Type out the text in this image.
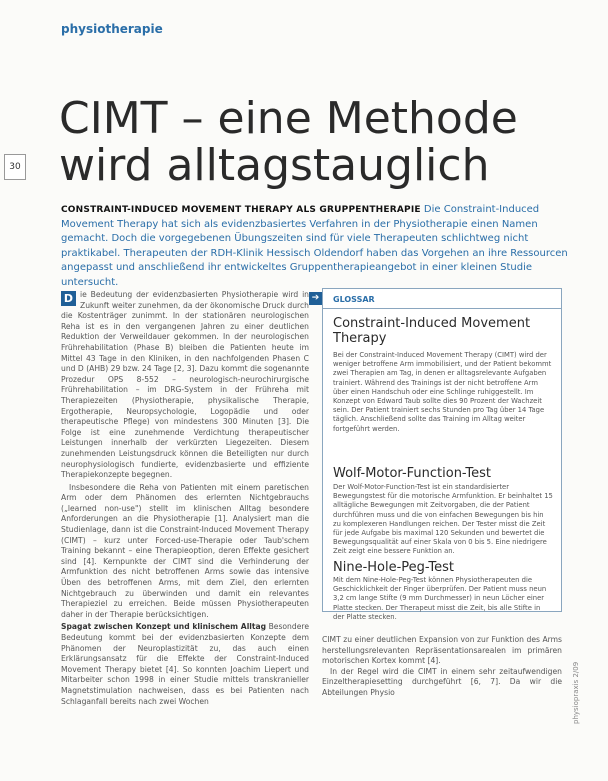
physiotherapie
30
CIMT – eine Methode wird alltagstauglich
CONSTRAINT-INDUCED MOVEMENT THERAPY ALS GRUPPENTHERAPIE Die Constraint-Induced Movement Therapy hat sich als evidenzbasiertes Verfahren in der Physiotherapie einen Namen gemacht. Doch die vorgegebenen Übungszeiten sind für viele Therapeuten schlichtweg nicht praktikabel. Therapeuten der RDH-Klinik Hessisch Oldendorf haben das Vorgehen an ihre Ressourcen angepasst und anschließend ihr entwickeltes Gruppentherapieangebot in einer kleinen Studie untersucht.

D ie Bedeutung der evidenzbasierten Physiotherapie wird in Zukunft weiter zunehmen, da der ökonomische Druck durch die Kostenträger zunimmt. In der stationären neurologischen Reha ist es in den vergangenen Jahren zu einer deutlichen Reduktion der Verweildauer gekommen. In der neurologischen Frührehabilitation (Phase B) bleiben die Patienten heute im Mittel 43 Tage in den Kliniken, in den nachfolgenden Phasen C und D (AHB) 29 bzw. 24 Tage [2, 3]. Dazu kommt die sogenannte Prozedur OPS 8-552 – neurologisch-neurochirurgische Frührehabilitation – im DRG-System in der Frühreha mit Therapiezeiten (Physiotherapie, physikalische Therapie, Ergotherapie, Neuropsychologie, Logopädie und oder therapeutische Pflege) von mindestens 300 Minuten [3]. Die Folge ist eine zunehmende Verdichtung therapeutischer Leistungen innerhalb der verkürzten Liegezeiten. Diesem zunehmenden Leistungsdruck können die Beteiligten nur durch neurophysiologisch fundierte, evidenzbasierte und effiziente Therapiekonzepte begegnen.

Insbesondere die Reha von Patienten mit einem paretischen Arm oder dem Phänomen des erlernten Nichtgebrauchs („learned non-use") stellt im klinischen Alltag besondere Anforderungen an die Physiotherapie [1]. Analysiert man die Studienlage, dann ist die Constraint-Induced Movement Therapy (CIMT) – kurz unter Forced-use-Therapie oder Taub'schem Training bekannt – eine Therapieoption, deren Effekte gesichert sind [4]. Kernpunkte der CIMT sind die Verhinderung der Armfunktion des nicht betroffenen Arms sowie das intensive Üben des betroffenen Arms, mit dem Ziel, den erlernten Nichtgebrauch zu überwinden und damit ein relevantes Therapieziel zu erreichen. Beide müssen Physiotherapeuten daher in der Therapie berücksichtigen.

Spagat zwischen Konzept und klinischem Alltag Besondere Bedeutung kommt bei der evidenzbasierten Konzepte dem Phänomen der Neuroplastizität zu, das auch einen Erklärungsansatz für die Effekte der Constraint-Induced Movement Therapy bietet [4]. So konnten Joachim Liepert und Mitarbeiter schon 1998 in einer Studie mittels transkranieller Magnetstimulation nachweisen, dass es bei Patienten nach Schlaganfall bereits nach zwei Wochen

➔	GLOSSAR
Constraint-Induced Movement Therapy
Bei der Constraint-Induced Movement Therapy (CIMT) wird der weniger betroffene Arm immobilisiert, und der Patient bekommt zwei Therapien am Tag, in denen er alltagsrelevante Aufgaben trainiert. Während des Trainings ist der nicht betroffene Arm über einen Handschuh oder eine Schlinge ruhiggestellt. Im Konzept von Edward Taub sollte dies 90 Prozent der Wachzeit sein. Der Patient trainiert sechs Stunden pro Tag über 14 Tage täglich. Anschließend sollte das Training im Alltag weiter fortgeführt werden.
Wolf-Motor-Function-Test
Der Wolf-Motor-Function-Test ist ein standardisierter Bewegungstest für die motorische Armfunktion. Er beinhaltet 15 alltägliche Bewegungen mit Zeitvorgaben, die der Patient durchführen muss und die von einfachen Bewegungen bis hin zu komplexeren Handlungen reichen. Der Tester misst die Zeit für jede Aufgabe bis maximal 120 Sekunden und bewertet die Bewegungsqualität auf einer Skala von 0 bis 5. Eine niedrigere Zeit zeigt eine bessere Funktion an.
Nine-Hole-Peg-Test
Mit dem Nine-Hole-Peg-Test können Physiotherapeuten die Geschicklichkeit der Finger überprüfen. Der Patient muss neun 3,2 cm lange Stifte (9 mm Durchmesser) in neun Löcher einer Platte stecken. Der Therapeut misst die Zeit, bis alle Stifte in der Platte stecken.

CIMT zu einer deutlichen Expansion von zur Funktion des Arms herstellungsrelevanten Repräsentationsarealen im primären motorischen Kortex kommt [4].

In der Regel wird die CIMT in einem sehr zeitaufwendigen Einzeltherapiesetting durchgeführt [6, 7]. Da wir die Abteilungen Physio	physiopraxis 2/09
